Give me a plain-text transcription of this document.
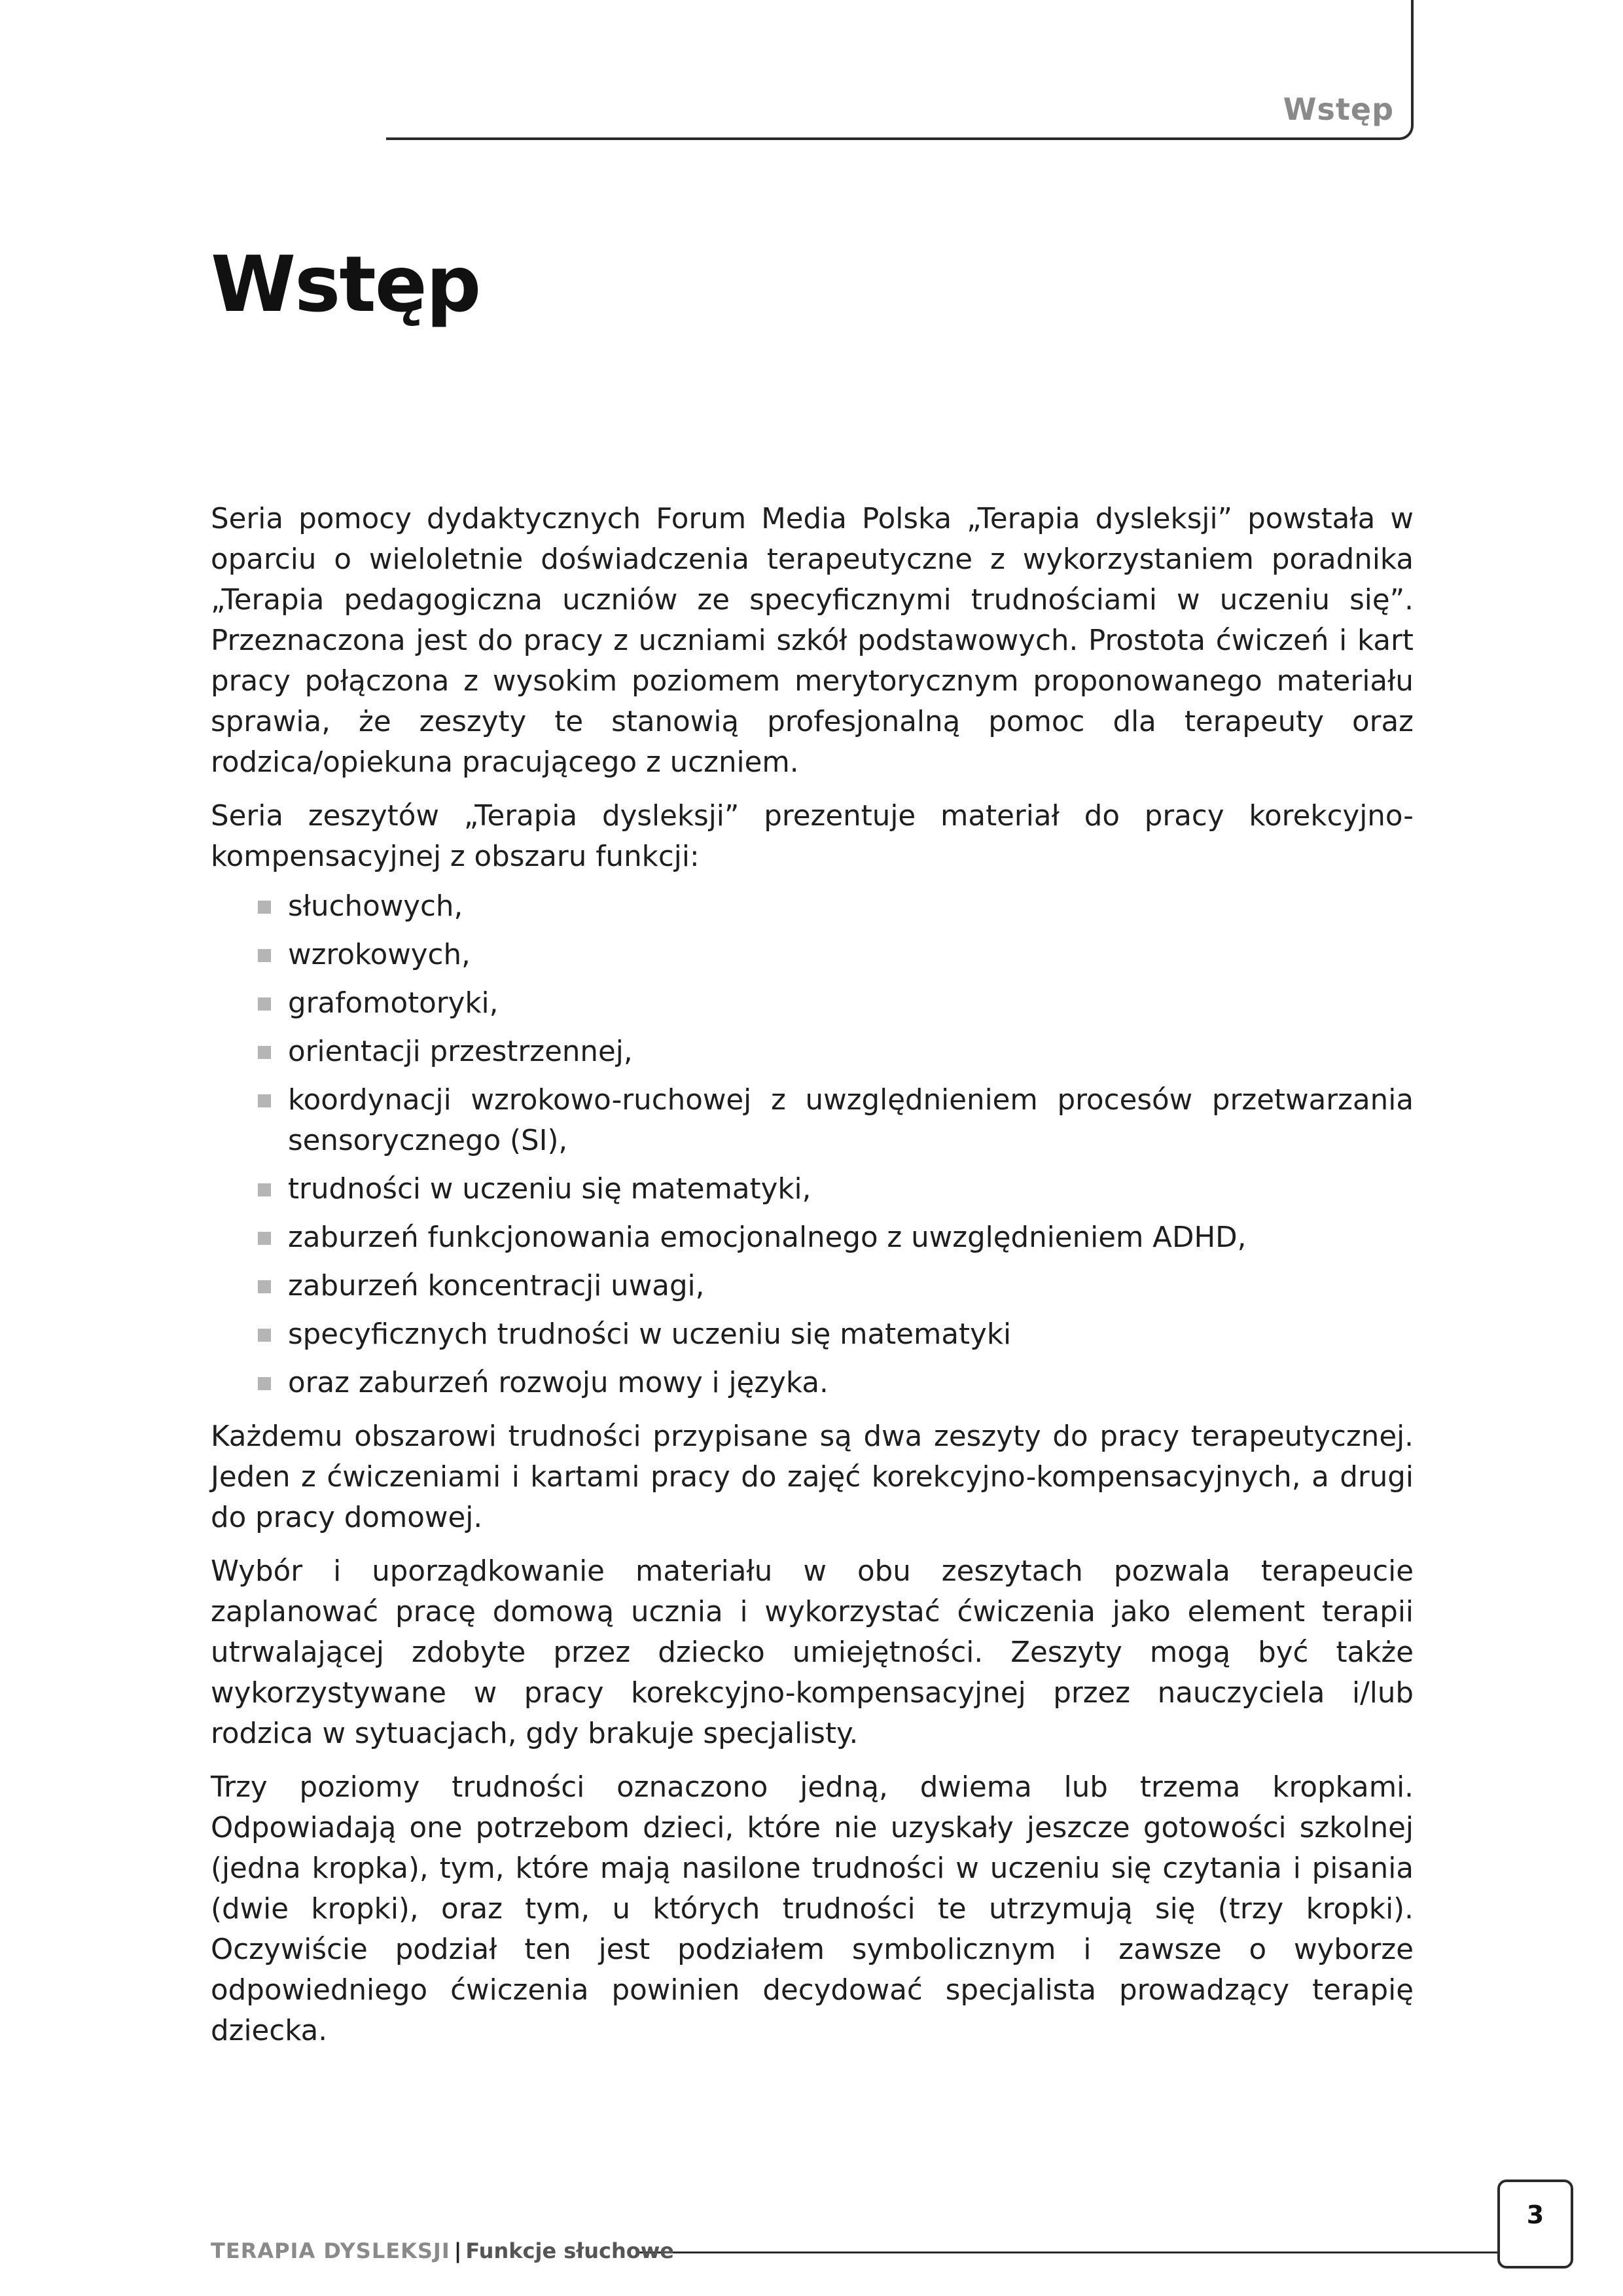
Wstęp
Wstęp

Seria pomocy dydaktycznych Forum Media Polska „Terapia dysleksji” powstała w oparciu o wieloletnie doświadczenia terapeutyczne z wykorzystaniem poradnika „Terapia pedagogiczna uczniów ze specyficznymi trudnościami w uczeniu się”. Przeznaczona jest do pracy z uczniami szkół podstawowych. Prostota ćwiczeń i kart pracy połączona z wysokim poziomem merytorycznym proponowanego materiału sprawia, że zeszyty te stanowią profesjonalną pomoc dla terapeuty oraz rodzica/opiekuna pracującego z uczniem.

Seria zeszytów „Terapia dysleksji” prezentuje materiał do pracy korekcyjno-kompensacyjnej z obszaru funkcji:

słuchowych,
wzrokowych,
grafomotoryki,
orientacji przestrzennej,
koordynacji wzrokowo-ruchowej z uwzględnieniem procesów przetwarzania sensorycznego (SI),
trudności w uczeniu się matematyki,
zaburzeń funkcjonowania emocjonalnego z uwzględnieniem ADHD,
zaburzeń koncentracji uwagi,
specyficznych trudności w uczeniu się matematyki
oraz zaburzeń rozwoju mowy i języka.

Każdemu obszarowi trudności przypisane są dwa zeszyty do pracy terapeutycznej. Jeden z ćwiczeniami i kartami pracy do zajęć korekcyjno-kompensacyjnych, a drugi do pracy domowej.

Wybór i uporządkowanie materiału w obu zeszytach pozwala terapeucie zaplanować pracę domową ucznia i wykorzystać ćwiczenia jako element terapii utrwalającej zdobyte przez dziecko umiejętności. Zeszyty mogą być także wykorzystywane w pracy korekcyjno-kompensacyjnej przez nauczyciela i/lub rodzica w sytuacjach, gdy brakuje specjalisty.

Trzy poziomy trudności oznaczono jedną, dwiema lub trzema kropkami. Odpowiadają one potrzebom dzieci, które nie uzyskały jeszcze gotowości szkolnej (jedna kropka), tym, które mają nasilone trudności w uczeniu się czytania i pisania (dwie kropki), oraz tym, u których trudności te utrzymują się (trzy kropki). Oczywiście podział ten jest podziałem symbolicznym i zawsze o wyborze odpowiedniego ćwiczenia powinien decydować specjalista prowadzący terapię dziecka.

TERAPIA DYSLEKSJI | Funkcje słuchowe
3
